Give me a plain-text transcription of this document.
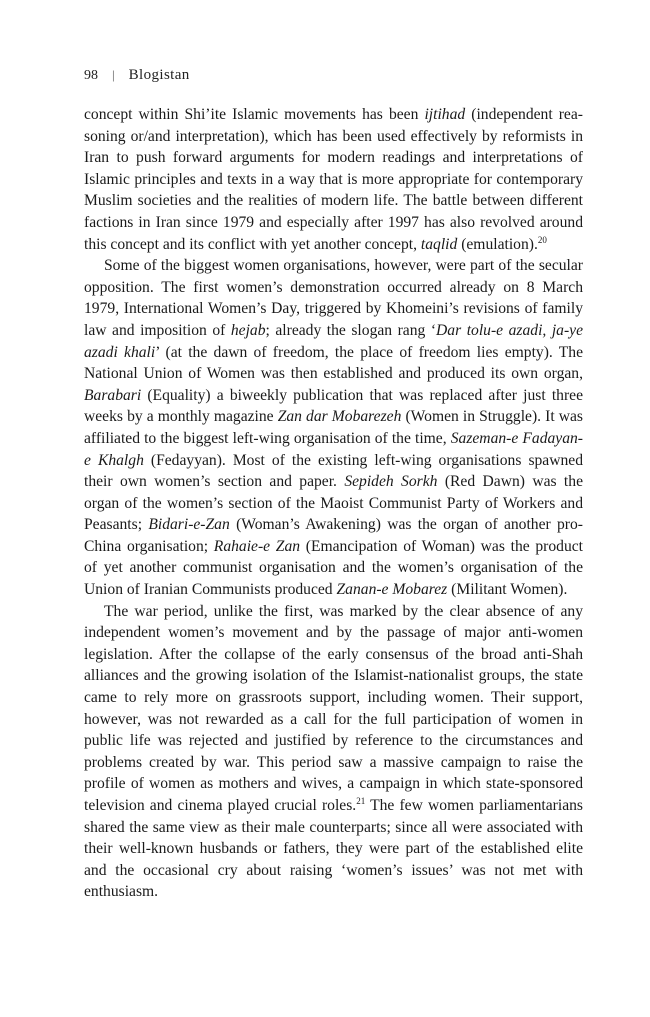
98 | Blogistan

concept within Shi’ite Islamic movements has been ijtihad (independent reasoning or/and interpretation), which has been used effectively by reformists in Iran to push forward arguments for modern readings and interpretations of Islamic principles and texts in a way that is more appropriate for contemporary Muslim societies and the realities of modern life. The battle between different factions in Iran since 1979 and especially after 1997 has also revolved around this concept and its conflict with yet another concept, taqlid (emulation).$^{20}$

Some of the biggest women organisations, however, were part of the secular opposition. The first women’s demonstration occurred already on 8 March 1979, International Women’s Day, triggered by Khomeini’s revisions of family law and imposition of hejab; already the slogan rang ‘Dar tolu-e azadi, ja-ye azadi khali’ (at the dawn of freedom, the place of freedom lies empty). The National Union of Women was then established and produced its own organ, Barabari (Equality) a biweekly publication that was replaced after just three weeks by a monthly magazine Zan dar Mobarezeh (Women in Struggle). It was affiliated to the biggest left-wing organisation of the time, Sazeman-e Fadayan-e Khalgh (Fedayyan). Most of the existing left-wing organisations spawned their own women’s section and paper. Sepideh Sorkh (Red Dawn) was the organ of the women’s section of the Maoist Communist Party of Workers and Peasants; Bidari-e-Zan (Woman’s Awakening) was the organ of another pro-China organisation; Rahaie-e Zan (Emancipation of Woman) was the product of yet another communist organisation and the women’s organisation of the Union of Iranian Communists produced Zanan-e Mobarez (Militant Women).

The war period, unlike the first, was marked by the clear absence of any independent women’s movement and by the passage of major anti-women legislation. After the collapse of the early consensus of the broad anti-Shah alliances and the growing isolation of the Islamist-nationalist groups, the state came to rely more on grassroots support, including women. Their support, however, was not rewarded as a call for the full participation of women in public life was rejected and justified by reference to the circumstances and problems created by war. This period saw a massive campaign to raise the profile of women as mothers and wives, a campaign in which state-sponsored television and cinema played crucial roles.$^{21}$ The few women parliamentarians shared the same view as their male counterparts; since all were associated with their well-known husbands or fathers, they were part of the established elite and the occasional cry about raising ‘women’s issues’ was not met with enthusiasm.
